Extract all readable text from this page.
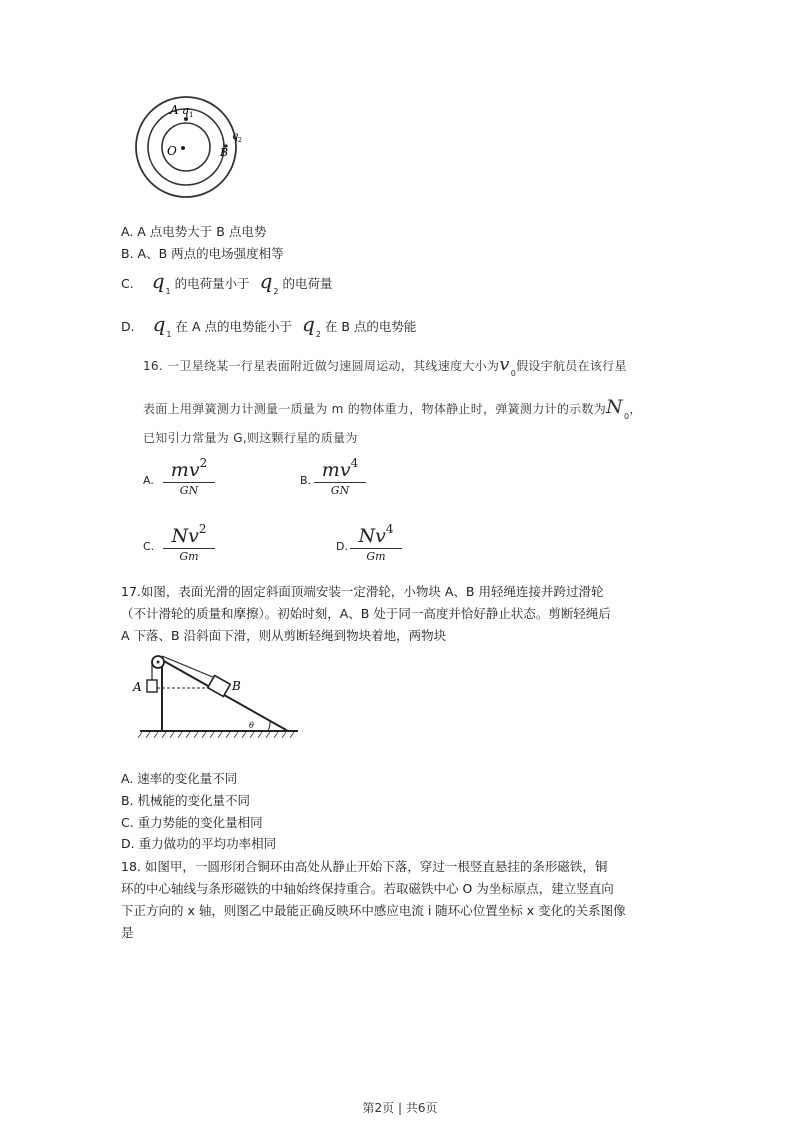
A q 1
q 2
O	B
A. A 点电势大于 B 点电势
B. A、B 两点的电场强度相等
C. $q_1$ 的电荷量小于 $q_2$ 的电荷量
D. $q_1$ 在 A 点的电势能小于 $q_2$ 在 B 点的电势能
16. 一卫星绕某一行星表面附近做匀速圆周运动，其线速度大小为$v_0$假设宇航员在该行星
表面上用弹簧测力计测量一质量为 m 的物体重力，物体静止时，弹簧测力计的示数为$N_0$，
已知引力常量为 G,则这颗行星的质量为
A. $mv^2$
GN
B. $mv^4$
GN
C. Nv$^2$
Gm
D. Nv$^4$
Gm
17.如图，表面光滑的固定斜面顶端安装一定滑轮，小物块 A、B 用轻绳连接并跨过滑轮
（不计滑轮的质量和摩擦）。初始时刻，A、B 处于同一高度并恰好静止状态。剪断轻绳后
A 下落、B 沿斜面下滑，则从剪断轻绳到物块着地，两物块
A	B
θ
A. 速率的变化量不同
B. 机械能的变化量不同
C. 重力势能的变化量相同
D. 重力做功的平均功率相同
18. 如图甲，一圆形闭合铜环由高处从静止开始下落，穿过一根竖直悬挂的条形磁铁，铜
环的中心轴线与条形磁铁的中轴始终保持重合。若取磁铁中心 O 为坐标原点，建立竖直向
下正方向的 x 轴，则图乙中最能正确反映环中感应电流 i 随环心位置坐标 x 变化的关系图像
是
第2页 | 共6页
